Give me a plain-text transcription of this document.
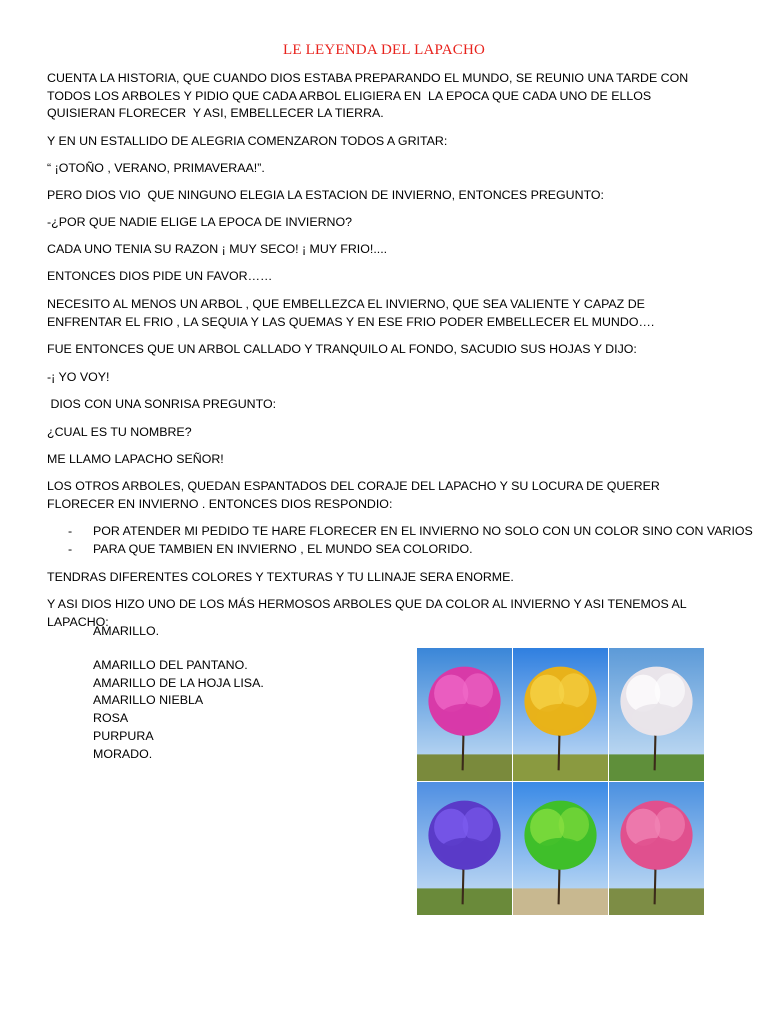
LE LEYENDA DEL LAPACHO
CUENTA LA HISTORIA, QUE CUANDO DIOS ESTABA PREPARANDO EL MUNDO, SE REUNIO UNA TARDE CON TODOS LOS ARBOLES Y PIDIO QUE CADA ARBOL ELIGIERA EN  LA EPOCA QUE CADA UNO DE ELLOS QUISIERAN FLORECER  Y ASI, EMBELLECER LA TIERRA.
Y EN UN ESTALLIDO DE ALEGRIA COMENZARON TODOS A GRITAR:
“ ¡OTOÑO , VERANO, PRIMAVERAA!”.
PERO DIOS VIO  QUE NINGUNO ELEGIA LA ESTACION DE INVIERNO, ENTONCES PREGUNTO:
-¿POR QUE NADIE ELIGE LA EPOCA DE INVIERNO?
CADA UNO TENIA SU RAZON ¡ MUY SECO! ¡ MUY FRIO!....
ENTONCES DIOS PIDE UN FAVOR……
NECESITO AL MENOS UN ARBOL , QUE EMBELLEZCA EL INVIERNO, QUE SEA VALIENTE Y CAPAZ DE ENFRENTAR EL FRIO , LA SEQUIA Y LAS QUEMAS Y EN ESE FRIO PODER EMBELLECER EL MUNDO….
FUE ENTONCES QUE UN ARBOL CALLADO Y TRANQUILO AL FONDO, SACUDIO SUS HOJAS Y DIJO:
-¡ YO VOY!
DIOS CON UNA SONRISA PREGUNTO:
¿CUAL ES TU NOMBRE?
ME LLAMO LAPACHO SEÑOR!
LOS OTROS ARBOLES, QUEDAN ESPANTADOS DEL CORAJE DEL LAPACHO Y SU LOCURA DE QUERER FLORECER EN INVIERNO . ENTONCES DIOS RESPONDIO:
- POR ATENDER MI PEDIDO TE HARE FLORECER EN EL INVIERNO NO SOLO CON UN COLOR SINO CON VARIOS
- PARA QUE TAMBIEN EN INVIERNO , EL MUNDO SEA COLORIDO.
TENDRAS DIFERENTES COLORES Y TEXTURAS Y TU LLINAJE SERA ENORME.
Y ASI DIOS HIZO UNO DE LOS MÁS HERMOSOS ARBOLES QUE DA COLOR AL INVIERNO Y ASI TENEMOS AL LAPACHO:
AMARILLO.
AMARILLO DEL PANTANO.
AMARILLO DE LA HOJA LISA.
AMARILLO NIEBLA
ROSA
PURPURA
MORADO.
